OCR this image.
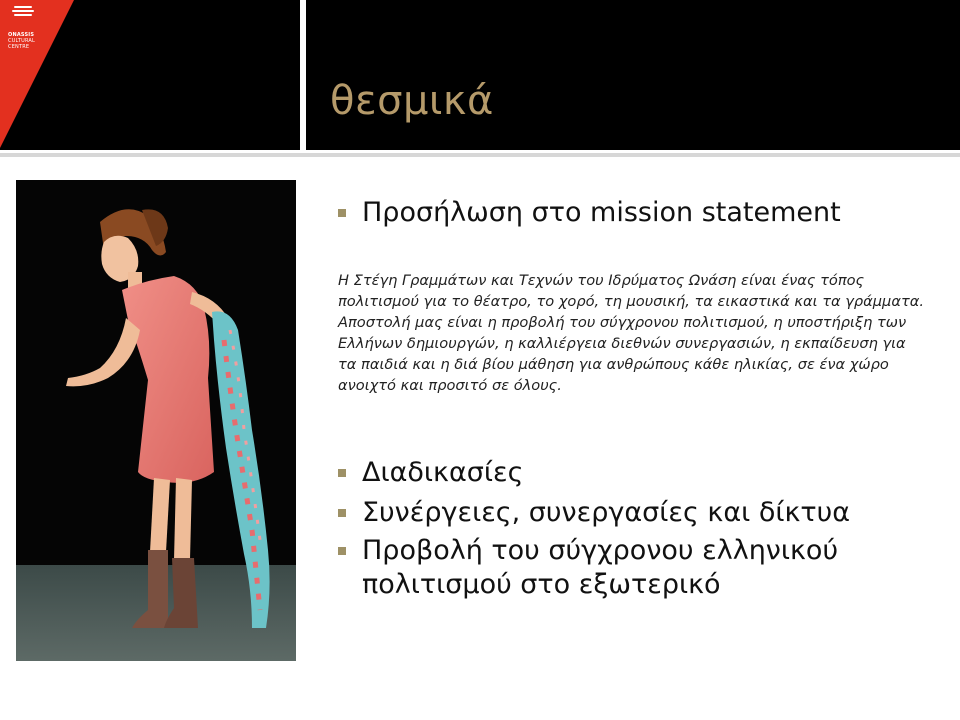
ONASSIS
CULTURAL
CENTRE
θεσμικά
Προσήλωση στο mission statement
Η Στέγη Γραμμάτων και Τεχνών του Ιδρύματος Ωνάση είναι ένας τόπος πολιτισμού για το θέατρο, το χορό, τη μουσική, τα εικαστικά και τα γράμματα. Αποστολή μας είναι η προβολή του σύγχρονου πολιτισμού, η υποστήριξη των Ελλήνων δημιουργών, η καλλιέργεια διεθνών συνεργασιών, η εκπαίδευση για τα παιδιά και η διά βίου μάθηση για ανθρώπους κάθε ηλικίας, σε ένα χώρο ανοιχτό και προσιτό σε όλους.
Διαδικασίες
Συνέργειες, συνεργασίες και δίκτυα
Προβολή του σύγχρονου ελληνικού
πολιτισμού στο εξωτερικό
